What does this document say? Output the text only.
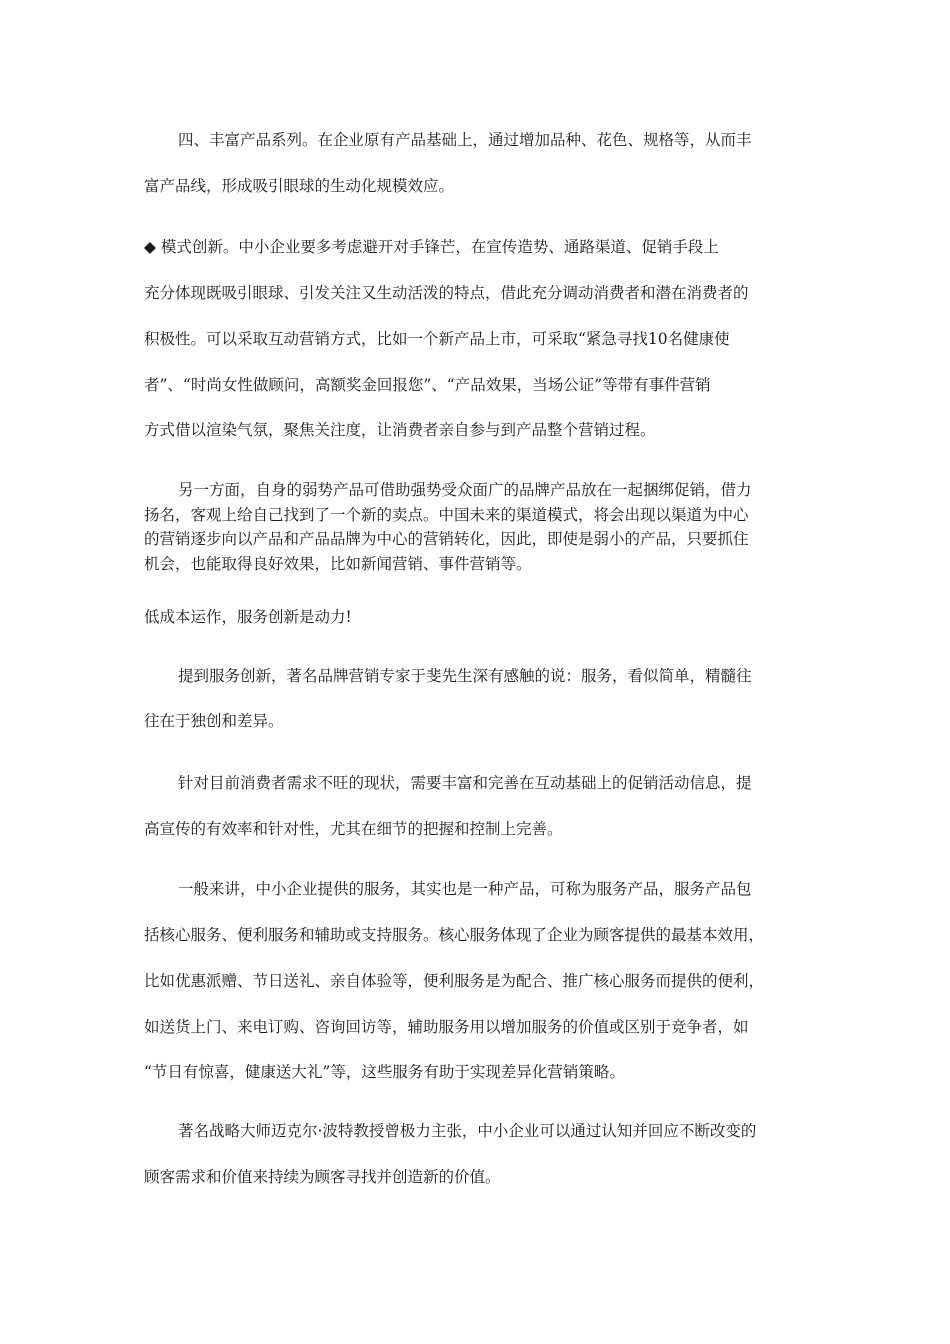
四、丰富产品系列。在企业原有产品基础上，通过增加品种、花色、规格等，从而丰
富产品线，形成吸引眼球的生动化规模效应。
◆ 模式创新。中小企业要多考虑避开对手锋芒，在宣传造势、通路渠道、促销手段上
充分体现既吸引眼球、引发关注又生动活泼的特点，借此充分调动消费者和潜在消费者的
积极性。可以采取互动营销方式，比如一个新产品上市，可采取“紧急寻找10名健康使
者”、“时尚女性做顾问，高额奖金回报您”、“产品效果，当场公证”等带有事件营销
方式借以渲染气氛，聚焦关注度，让消费者亲自参与到产品整个营销过程。
另一方面，自身的弱势产品可借助强势受众面广的品牌产品放在一起捆绑促销，借力
扬名，客观上给自己找到了一个新的卖点。中国未来的渠道模式，将会出现以渠道为中心
的营销逐步向以产品和产品品牌为中心的营销转化，因此，即使是弱小的产品，只要抓住
机会，也能取得良好效果，比如新闻营销、事件营销等。
低成本运作，服务创新是动力!
提到服务创新，著名品牌营销专家于斐先生深有感触的说：服务，看似简单，精髓往
往在于独创和差异。
针对目前消费者需求不旺的现状，需要丰富和完善在互动基础上的促销活动信息，提
高宣传的有效率和针对性，尤其在细节的把握和控制上完善。
一般来讲，中小企业提供的服务，其实也是一种产品，可称为服务产品，服务产品包
括核心服务、便利服务和辅助或支持服务。核心服务体现了企业为顾客提供的最基本效用，
比如优惠派赠、节日送礼、亲自体验等，便利服务是为配合、推广核心服务而提供的便利，
如送货上门、来电订购、咨询回访等，辅助服务用以增加服务的价值或区别于竞争者，如
“节日有惊喜，健康送大礼”等，这些服务有助于实现差异化营销策略。
著名战略大师迈克尔·波特教授曾极力主张，中小企业可以通过认知并回应不断改变的
顾客需求和价值来持续为顾客寻找并创造新的价值。
